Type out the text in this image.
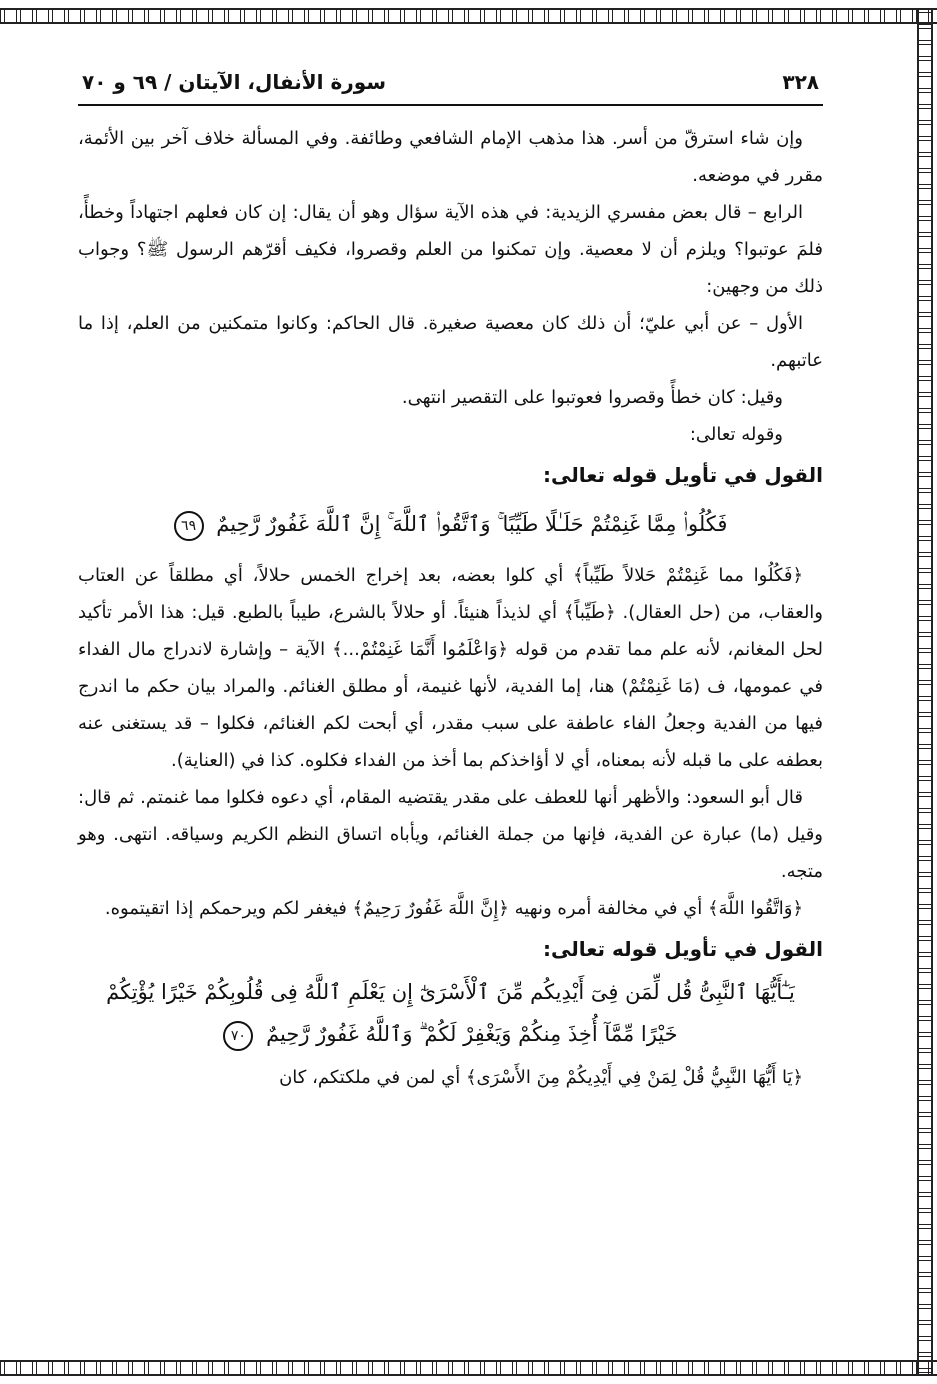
٣٢٨
سورة الأنفال، الآيتان / ٦٩ و ٧٠

وإن شاء استرقّ من أسر. هذا مذهب الإمام الشافعي وطائفة. وفي المسألة خلاف آخر بين الأئمة، مقرر في موضعه.

الرابع – قال بعض مفسري الزيدية: في هذه الآية سؤال وهو أن يقال: إن كان فعلهم اجتهاداً وخطأً، فلمَ عوتبوا؟ ويلزم أن لا معصية. وإن تمكنوا من العلم وقصروا، فكيف أقرّهم الرسول ﷺ؟ وجواب ذلك من وجهين:

الأول – عن أبي عليّ؛ أن ذلك كان معصية صغيرة. قال الحاكم: وكانوا متمكنين من العلم، إذا ما عاتبهم.

وقيل: كان خطأً وقصروا فعوتبوا على التقصير انتهى.

وقوله تعالى:

القول في تأويل قوله تعالى:
فَكُلُوا۟ مِمَّا غَنِمْتُمْ حَلَـٰلًا طَيِّبًا ۚ وَٱتَّقُوا۟ ٱللَّهَ ۚ إِنَّ ٱللَّهَ غَفُورٌ رَّحِيمٌ ٦٩

﴿فَكُلُوا مما غَنِمْتُمْ حَلالاً طَيِّباً﴾ أي كلوا بعضه، بعد إخراج الخمس حلالاً، أي مطلقاً عن العتاب والعقاب، من (حل العقال). ﴿طَيِّباً﴾ أي لذيذاً هنيئاً. أو حلالاً بالشرع، طيباً بالطبع. قيل: هذا الأمر تأكيد لحل المغانم، لأنه علم مما تقدم من قوله ﴿وَاعْلَمُوا أَنَّمَا غَنِمْتُمْ...﴾ الآية – وإشارة لاندراج مال الفداء في عمومها، ف (مَا غَنِمْتُمْ) هنا، إما الفدية، لأنها غنيمة، أو مطلق الغنائم. والمراد بيان حكم ما اندرج فيها من الفدية وجعلُ الفاء عاطفة على سبب مقدر، أي أبحت لكم الغنائم، فكلوا – قد يستغنى عنه بعطفه على ما قبله لأنه بمعناه، أي لا أؤاخذكم بما أخذ من الفداء فكلوه. كذا في (العناية).

قال أبو السعود: والأظهر أنها للعطف على مقدر يقتضيه المقام، أي دعوه فكلوا مما غنمتم. ثم قال: وقيل (ما) عبارة عن الفدية، فإنها من جملة الغنائم، ويأباه اتساق النظم الكريم وسياقه. انتهى. وهو متجه.

﴿وَاتَّقُوا اللَّهَ﴾ أي في مخالفة أمره ونهيه ﴿إِنَّ اللَّهَ غَفُورٌ رَحِيمٌ﴾ فيغفر لكم ويرحمكم إذا اتقيتموه.

القول في تأويل قوله تعالى:
يَـٰٓأَيُّهَا ٱلنَّبِىُّ قُل لِّمَن فِىٓ أَيْدِيكُم مِّنَ ٱلْأَسْرَىٰٓ إِن يَعْلَمِ ٱللَّهُ فِى قُلُوبِكُمْ خَيْرًا يُؤْتِكُمْ
خَيْرًا مِّمَّآ أُخِذَ مِنكُمْ وَيَغْفِرْ لَكُمْ ۗ وَٱللَّهُ غَفُورٌ رَّحِيمٌ ٧٠

﴿يَا أَيُّهَا النَّبِيُّ قُلْ لِمَنْ فِي أَيْدِيكُمْ مِنَ الأَسْرَى﴾ أي لمن في ملكتكم، كان
